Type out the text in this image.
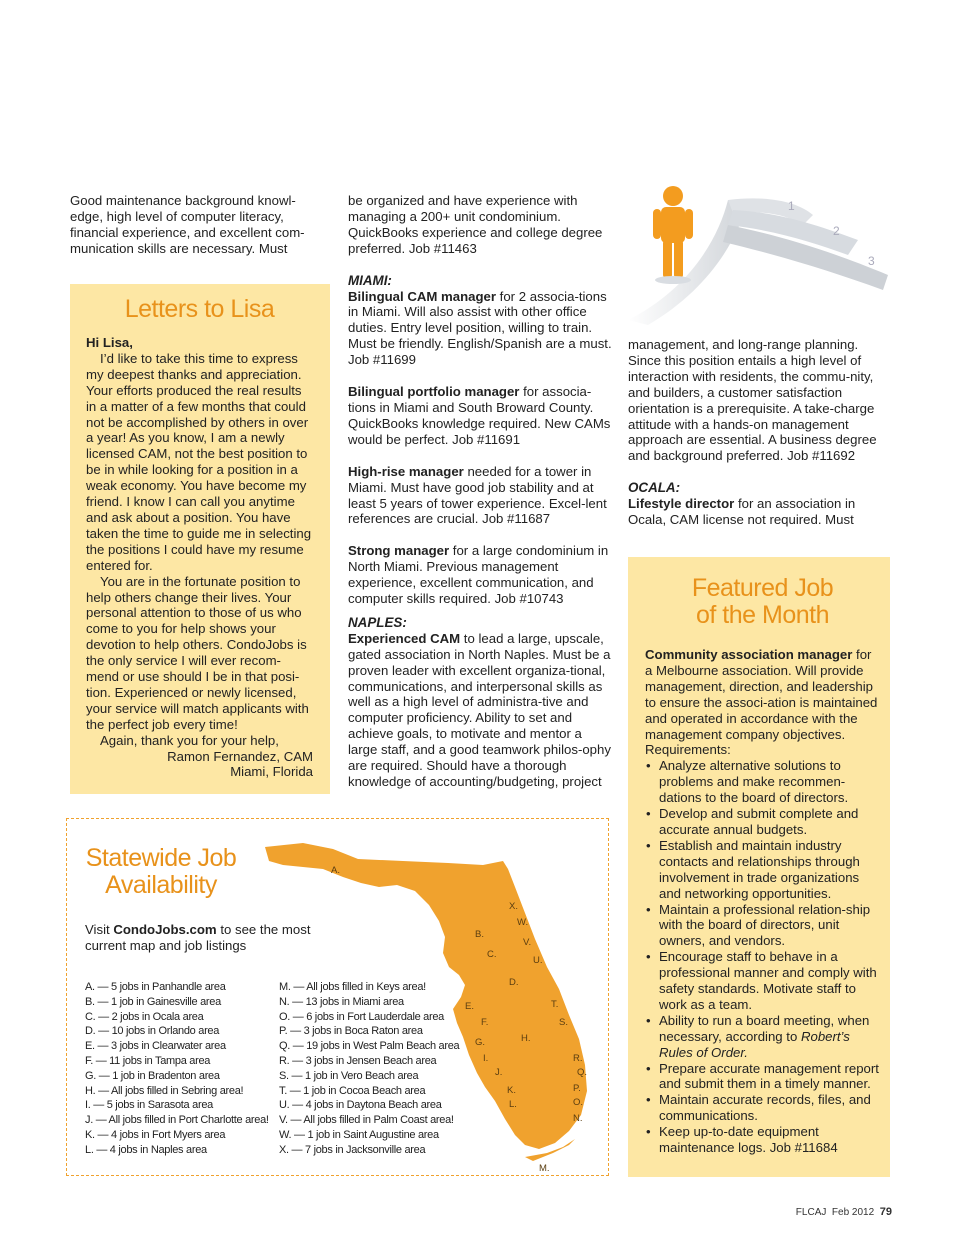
Good maintenance background knowl-edge, high level of computer literacy, financial experience, and excellent com-munication skills are necessary. Must

Letters to Lisa

Hi Lisa,

I’d like to take this time to express my deepest thanks and appreciation. Your efforts produced the real results in a matter of a few months that could not be accomplished by others in over a year! As you know, I am a newly licensed CAM, not the best position to be in while looking for a position in a weak economy. You have become my friend. I know I can call you anytime and ask about a position. You have taken the time to guide me in selecting the positions I could have my resume entered for.

You are in the fortunate position to help others change their lives. Your personal attention to those of us who come to you for help shows your devotion to help others. CondoJobs is the only service I will ever recom-mend or use should I be in that posi-tion. Experienced or newly licensed, your service will match applicants with the perfect job every time!

Again, thank you for your help,

Ramon Fernandez, CAM

Miami, Florida

be organized and have experience with managing a 200+ unit condominium. QuickBooks experience and college degree preferred. Job #11463

MIAMI:

Bilingual CAM manager for 2 associa-tions in Miami. Will also assist with other office duties. Entry level position, willing to train. Must be friendly. English/Spanish are a must. Job #11699

Bilingual portfolio manager for associa-tions in Miami and South Broward County. QuickBooks knowledge required. New CAMs would be perfect. Job #11691

High-rise manager needed for a tower in Miami. Must have good job stability and at least 5 years of tower experience. Excel-lent references are crucial. Job #11687

Strong manager for a large condominium in North Miami. Previous management experience, excellent communication, and computer skills required. Job #10743

NAPLES:

Experienced CAM to lead a large, upscale, gated association in North Naples. Must be a proven leader with excellent organiza-tional, communications, and interpersonal skills as well as a high level of administra-tive and computer proficiency. Ability to set and achieve goals, to motivate and mentor a large staff, and a good teamwork philos-ophy are required. Should have a thorough knowledge of accounting/budgeting, project

1
2
3

management, and long-range planning. Since this position entails a high level of interaction with residents, the commu-nity, and builders, a customer satisfaction orientation is a prerequisite. A take-charge attitude with a hands-on management approach are essential. A business degree and background preferred. Job #11692

OCALA:

Lifestyle director for an association in Ocala, CAM license not required. Must

Featured Job
of the Month

Community association manager for a Melbourne association. Will provide management, direction, and leadership to ensure the associ-ation is maintained and operated in accordance with the management company objectives. Requirements:

• Analyze alternative solutions to problems and make recommen-dations to the board of directors.
• Develop and submit complete and accurate annual budgets.
• Establish and maintain industry contacts and relationships through involvement in trade organizations and networking opportunities.
• Maintain a professional relation-ship with the board of directors, unit owners, and vendors.
• Encourage staff to behave in a professional manner and comply with safety standards. Motivate staff to work as a team.
• Ability to run a board meeting, when necessary, according to Robert’s Rules of Order.
• Prepare accurate management report and submit them in a timely manner.
• Maintain accurate records, files, and communications.
• Keep up-to-date equipment maintenance logs. Job #11684
Statewide Job
Availability
Visit CondoJobs.com to see the most current map and job listings
A. — 5 jobs in Panhandle area
B. — 1 job in Gainesville area
C. — 2 jobs in Ocala area
D. — 10 jobs in Orlando area
E. — 3 jobs in Clearwater area
F. — 11 jobs in Tampa area
G. — 1 job in Bradenton area
H. — All jobs filled in Sebring area!
I. — 5 jobs in Sarasota area
J. — All jobs filled in Port Charlotte area!
K. — 4 jobs in Fort Myers area
L. — 4 jobs in Naples area
M. — All jobs filled in Keys area!
N. — 13 jobs in Miami area
O. — 6 jobs in Fort Lauderdale area
P. — 3 jobs in Boca Raton area
Q. — 19 jobs in West Palm Beach area
R. — 3 jobs in Jensen Beach area
S. — 1 job in Vero Beach area
T. — 1 job in Cocoa Beach area
U. — 4 jobs in Daytona Beach area
V. — All jobs filled in Palm Coast area!
W. — 1 job in Saint Augustine area
X. — 7 jobs in Jacksonville area
A.
B.
C.
D.
E.
F.
G.	H.
I.
J.
K.
L.
M.
N.
O.
P.
Q.
R.
S.
T.
U.
V.
W.
X.
FLCAJ Feb 2012 79
